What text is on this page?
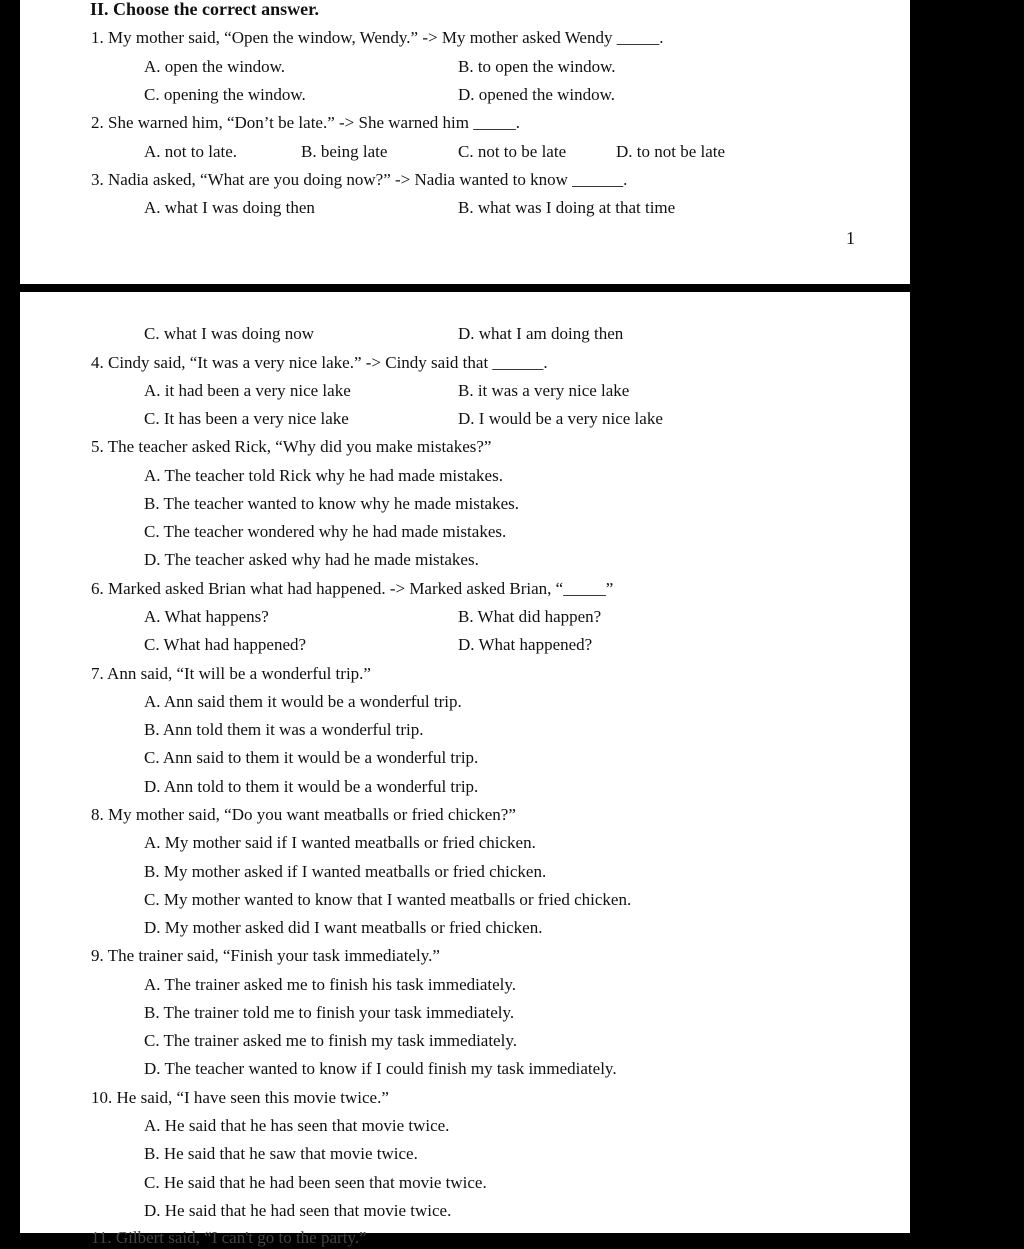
II. Choose the correct answer.
1. My mother said, “Open the window, Wendy.” -> My mother asked Wendy _____.
A. open the window.	B. to open the window.
C. opening the window.	D. opened the window.
2. She warned him, “Don’t be late.” -> She warned him _____.
A. not to late.	B. being late	C. not to be late	D. to not be late
3. Nadia asked, “What are you doing now?” -> Nadia wanted to know ______.
A. what I was doing then	B. what was I doing at that time
1
C. what I was doing now	D. what I am doing then
4. Cindy said, “It was a very nice lake.” -> Cindy said that ______.
A. it had been a very nice lake	B. it was a very nice lake
C. It has been a very nice lake	D. I would be a very nice lake
5. The teacher asked Rick, “Why did you make mistakes?”
A. The teacher told Rick why he had made mistakes.
B. The teacher wanted to know why he made mistakes.
C. The teacher wondered why he had made mistakes.
D. The teacher asked why had he made mistakes.
6. Marked asked Brian what had happened. -> Marked asked Brian, “_____”
A. What happens?	B. What did happen?
C. What had happened?	D. What happened?
7. Ann said, “It will be a wonderful trip.”
A. Ann said them it would be a wonderful trip.
B. Ann told them it was a wonderful trip.
C. Ann said to them it would be a wonderful trip.
D. Ann told to them it would be a wonderful trip.
8. My mother said, “Do you want meatballs or fried chicken?”
A. My mother said if I wanted meatballs or fried chicken.
B. My mother asked if I wanted meatballs or fried chicken.
C. My mother wanted to know that I wanted meatballs or fried chicken.
D. My mother asked did I want meatballs or fried chicken.
9. The trainer said, “Finish your task immediately.”
A. The trainer asked me to finish his task immediately.
B. The trainer told me to finish your task immediately.
C. The trainer asked me to finish my task immediately.
D. The teacher wanted to know if I could finish my task immediately.
10. He said, “I have seen this movie twice.”
A. He said that he has seen that movie twice.
B. He said that he saw that movie twice.
C. He said that he had been seen that movie twice.
D. He said that he had seen that movie twice.
11. Gilbert said, “I can't go to the party.”
